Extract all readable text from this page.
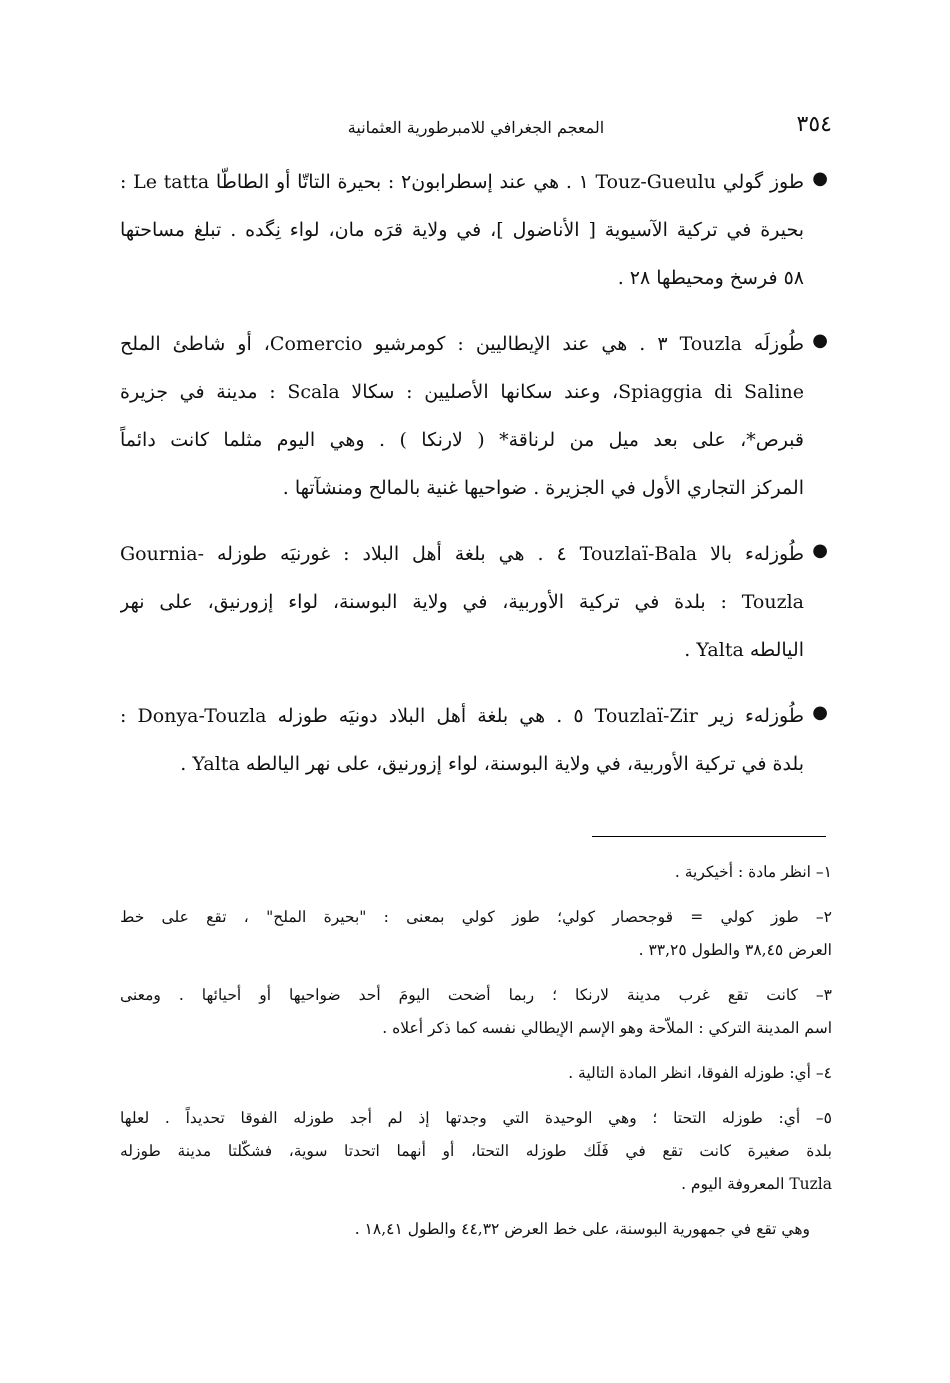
٣٥٤
المعجم الجغرافي للامبرطورية العثمانية
●
طوز گولي Touz-Gueulu ١ . هي عند إسطرابون٢ : بحيرة التاتّا أو الطاطّا Le tatta :
بحيرة في تركية الآسيوية [ الأناضول ]، في ولاية قرَه مان، لواء نِگده . تبلغ مساحتها
٥٨ فرسخ ومحيطها ٢٨ .
●
طُوزلَه Touzla ٣ . هي عند الإيطاليين : كومرشيو Comercio، أو شاطئ الملح
Spiaggia di Saline، وعند سكانها الأصليين : سكالا Scala : مدينة في جزيرة
قبرص*، على بعد ميل من لرناقة* ( لارنكا ) . وهي اليوم مثلما كانت دائماً
المركز التجاري الأول في الجزيرة . ضواحيها غنية بالمالح ومنشآتها .
●
طُوزلهء بالا Touzlaï-Bala ٤ . هي بلغة أهل البلاد : غورنيَه طوزله -Gournia
Touzla : بلدة في تركية الأوربية، في ولاية البوسنة، لواء إزورنيق، على نهر
اليالطه Yalta .
●
طُوزلهء زير Touzlaï-Zir ٥ . هي بلغة أهل البلاد دونيَه طوزله Donya-Touzla :
بلدة في تركية الأوربية، في ولاية البوسنة، لواء إزورنيق، على نهر اليالطه Yalta .
١– انظر مادة : أخيكرية .
٢– طوز كولي = قوجحصار كولي؛ طوز كولي بمعنى : "بحيرة الملح" ، تقع على خط
العرض ٣٨,٤٥ والطول ٣٣,٢٥ .
٣– كانت تقع غرب مدينة لارنكا ؛ ربما أضحت اليومَ أحد ضواحيها أو أحيائها . ومعنى
اسم المدينة التركي : الملاّحة وهو الإسم الإيطالي نفسه كما ذكر أعلاه .
٤– أي: طوزله الفوقا، انظر المادة التالية .
٥– أي: طوزله التحتا ؛ وهي الوحيدة التي وجدتها إذ لم أجد طوزله الفوقا تحديداً . لعلها
بلدة صغيرة كانت تقع في فَلَك طوزله التحتا، أو أنهما اتحدتا سوية، فشكّلتا مدينة طوزله
Tuzla المعروفة اليوم .
وهي تقع في جمهورية البوسنة، على خط العرض ٤٤,٣٢ والطول ١٨,٤١ .
